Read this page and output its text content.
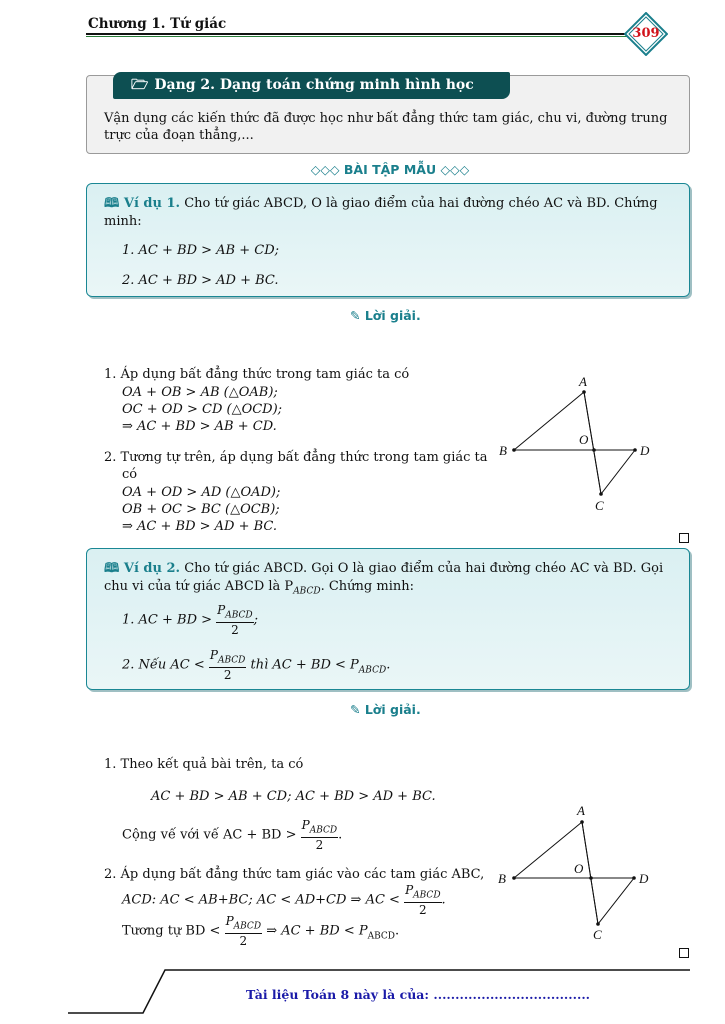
Chương 1. Tứ giác
309
🗁 Dạng 2. Dạng toán chứng minh hình học
Vận dụng các kiến thức đã được học như bất đẳng thức tam giác, chu vi, đường trung trực của đoạn thẳng,...
◇◇◇ BÀI TẬP MẪU ◇◇◇
🕮 Ví dụ 1. Cho tứ giác ABCD, O là giao điểm của hai đường chéo AC và BD. Chứng
minh:
1. AC + BD > AB + CD;
2. AC + BD > AD + BC.
✎ Lời giải.
1. Áp dụng bất đẳng thức trong tam giác ta có
OA + OB > AB (△OAB);
OC + OD > CD (△OCD);
⇒ AC + BD > AB + CD.
2. Tương tự trên, áp dụng bất đẳng thức trong tam giác ta
có
OA + OD > AD (△OAD);
OB + OC > BC (△OCB);
⇒ AC + BD > AD + BC.
A
B	D
C
O
🕮 Ví dụ 2. Cho tứ giác ABCD. Gọi O là giao điểm của hai đường chéo AC và BD. Gọi
chu vi của tứ giác ABCD là $P_{ABCD}$. Chứng minh:
1. AC + BD > $\frac{P_{ABCD}}{2}$ ;
2. Nếu AC < $\frac{P_{ABCD}}{2}$ thì AC + BD < $P_{ABCD}$.
✎ Lời giải.
1. Theo kết quả bài trên, ta có
AC + BD > AB + CD; AC + BD > AD + BC.
Cộng vế với vế AC + BD > $\frac{P_{ABCD}}{2}$ .
2. Áp dụng bất đẳng thức tam giác vào các tam giác ABC,
ACD: AC < AB+BC; AC < AD+CD ⇒ AC < $\frac{P_{ABCD}}{2}$ .
Tương tự BD < $\frac{P_{ABCD}}{2}$ ⇒ AC + BD < $P_{ABCD}$.
A
B	D
C
O
Tài liệu Toán 8 này là của: ....................................
